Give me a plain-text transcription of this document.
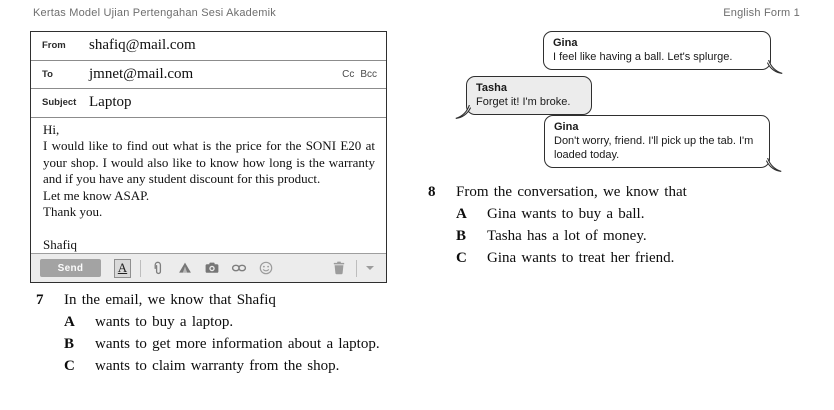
Kertas Model Ujian Pertengahan Sesi Akademik	English Form 1
From	shafiq@mail.com
To	jmnet@mail.com	Cc Bcc
Subject Laptop
Hi,
I would like to find out what is the price for the SONI E20 at your shop. I would also like to know how long is the warranty and if you have any student discount for this product.
Let me know ASAP.
Thank you.
Shafiq
Send	A
Gina
I feel like having a ball. Let's splurge.
Tasha
Forget it! I'm broke.
Gina
Don't worry, friend. I'll pick up the tab. I'm loaded today.
7	In the email, we know that Shafiq
A	wants to buy a laptop.
B	wants to get more information about a laptop.
C	wants to claim warranty from the shop.
8	From the conversation, we know that
A	Gina wants to buy a ball.
B	Tasha has a lot of money.
C	Gina wants to treat her friend.
